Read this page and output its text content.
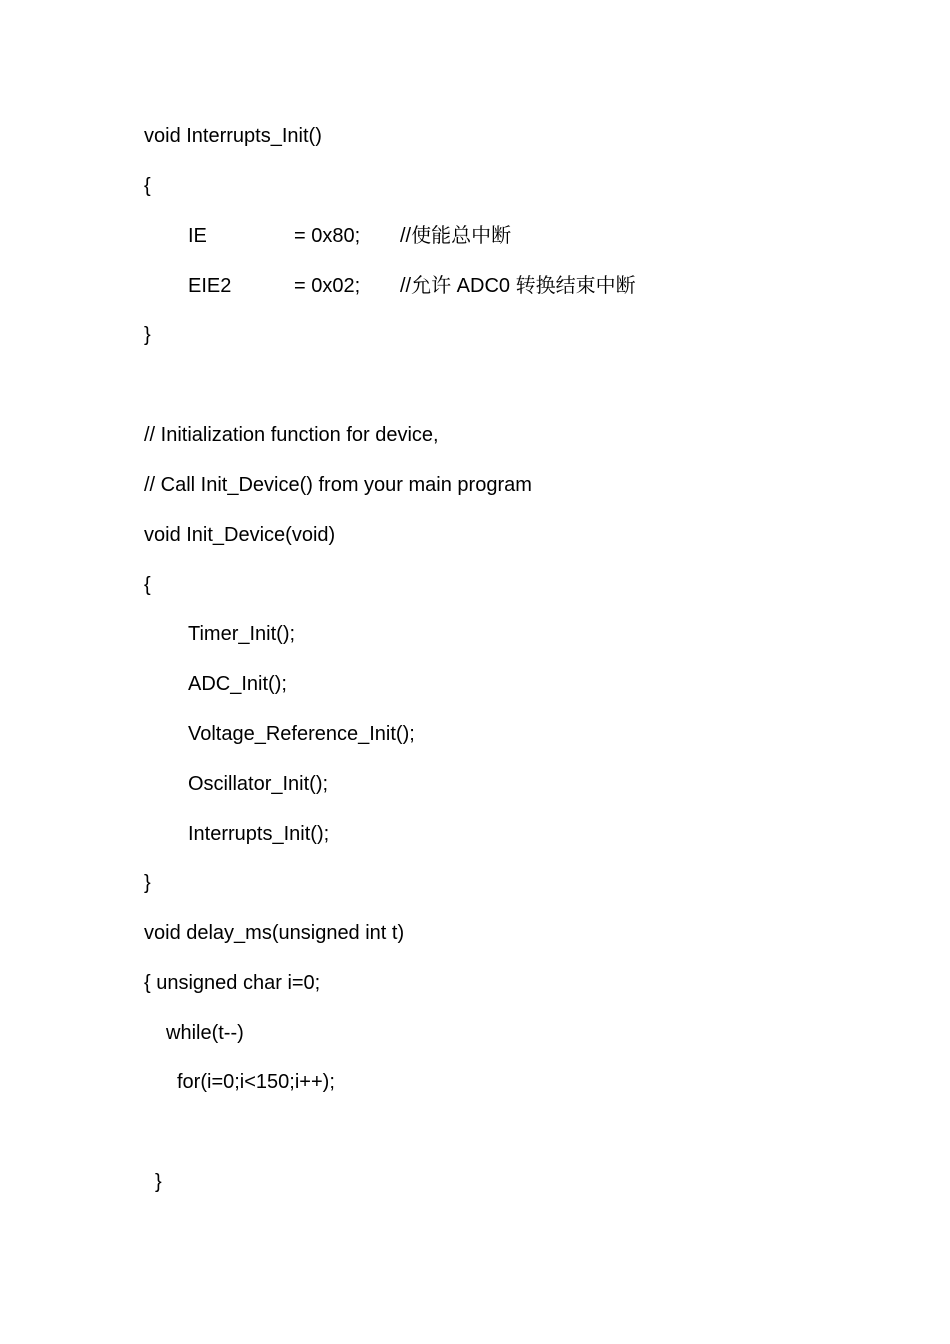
void Interrupts_Init()
{

IE

	= 0x80;

//使能总中断

EIE2

	= 0x02;

//允许 ADC0 转换结束中断

}
// Initialization function for device,
// Call Init_Device() from your main program
void Init_Device(void)
{
Timer_Init();
ADC_Init();
Voltage_Reference_Init();
Oscillator_Init();
Interrupts_Init();
}
void delay_ms(unsigned int t)
{ unsigned char i=0;
while(t--)
for(i=0;i<150;i++);
}
